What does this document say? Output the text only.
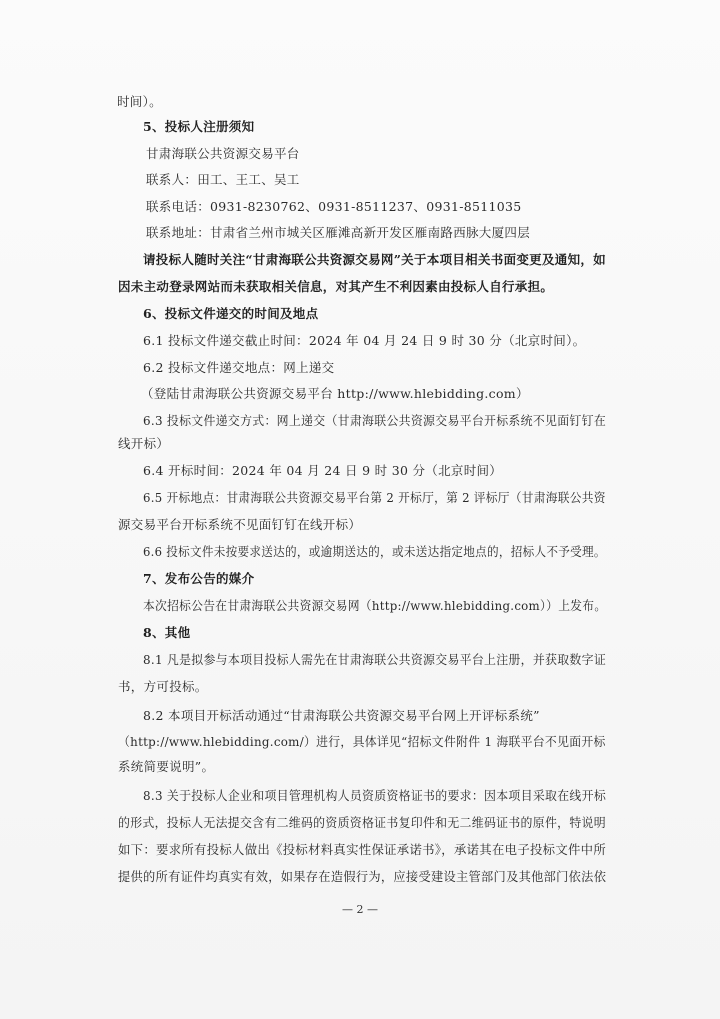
时间）。
5、投标人注册须知
甘肃海联公共资源交易平台
联系人：田工、王工、吴工
联系电话：0931-8230762、0931-8511237、0931-8511035
联系地址：甘肃省兰州市城关区雁滩高新开发区雁南路西脉大厦四层
请投标人随时关注“甘肃海联公共资源交易网”关于本项目相关书面变更及通知，如
因未主动登录网站而未获取相关信息，对其产生不利因素由投标人自行承担。
6、投标文件递交的时间及地点
6.1 投标文件递交截止时间：2024 年 04 月 24 日 9 时 30 分（北京时间）。
6.2 投标文件递交地点：网上递交
（登陆甘肃海联公共资源交易平台 http://www.hlebidding.com）
6.3 投标文件递交方式：网上递交（甘肃海联公共资源交易平台开标系统不见面钉钉在
线开标）
6.4 开标时间：2024 年 04 月 24 日 9 时 30 分（北京时间）
6.5 开标地点：甘肃海联公共资源交易平台第 2 开标厅，第 2 评标厅（甘肃海联公共资
源交易平台开标系统不见面钉钉在线开标）
6.6 投标文件未按要求送达的，或逾期送达的，或未送达指定地点的，招标人不予受理。
7、发布公告的媒介
本次招标公告在甘肃海联公共资源交易网（http://www.hlebidding.com））上发布。
8、其他
8.1 凡是拟参与本项目投标人需先在甘肃海联公共资源交易平台上注册，并获取数字证
书，方可投标。
8.2 本项目开标活动通过“甘肃海联公共资源交易平台网上开评标系统”
（http://www.hlebidding.com/）进行，具体详见“招标文件附件 1 海联平台不见面开标
系统简要说明”。
8.3 关于投标人企业和项目管理机构人员资质资格证书的要求：因本项目采取在线开标
的形式，投标人无法提交含有二维码的资质资格证书复印件和无二维码证书的原件，特说明
如下：要求所有投标人做出《投标材料真实性保证承诺书》，承诺其在电子投标文件中所
提供的所有证件均真实有效，如果存在造假行为，应接受建设主管部门及其他部门依法依
— 2 —
